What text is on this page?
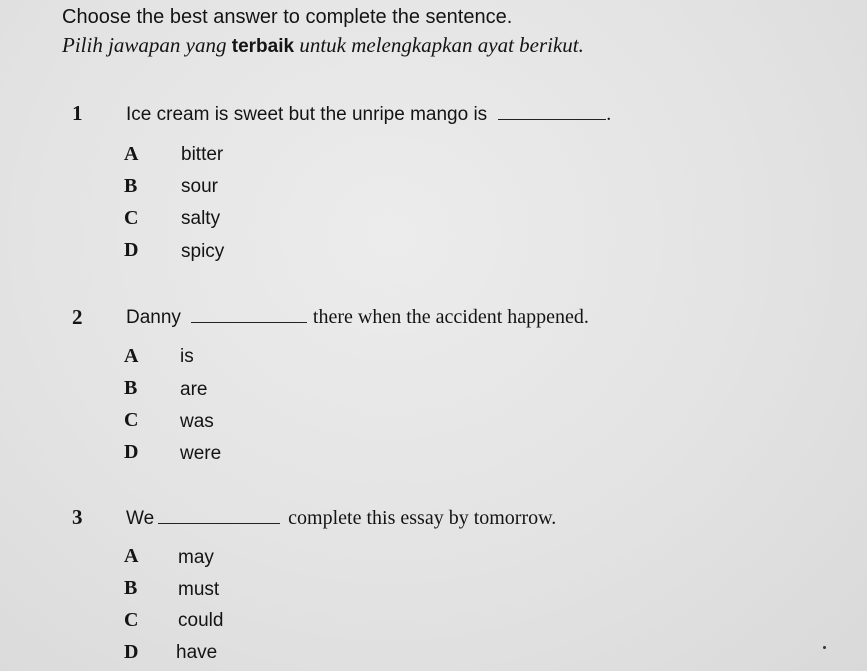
Choose the best answer to complete the sentence.
Pilih jawapan yang terbaik untuk melengkapkan ayat berikut.
1 Ice cream is sweet but the unripe mango is	.
A bitter
B sour
C salty
D spicy
2 Danny	there when the accident happened.
A is
B are
C was
D were
3 We	complete this essay by tomorrow.
A may
B must
C could
D have
